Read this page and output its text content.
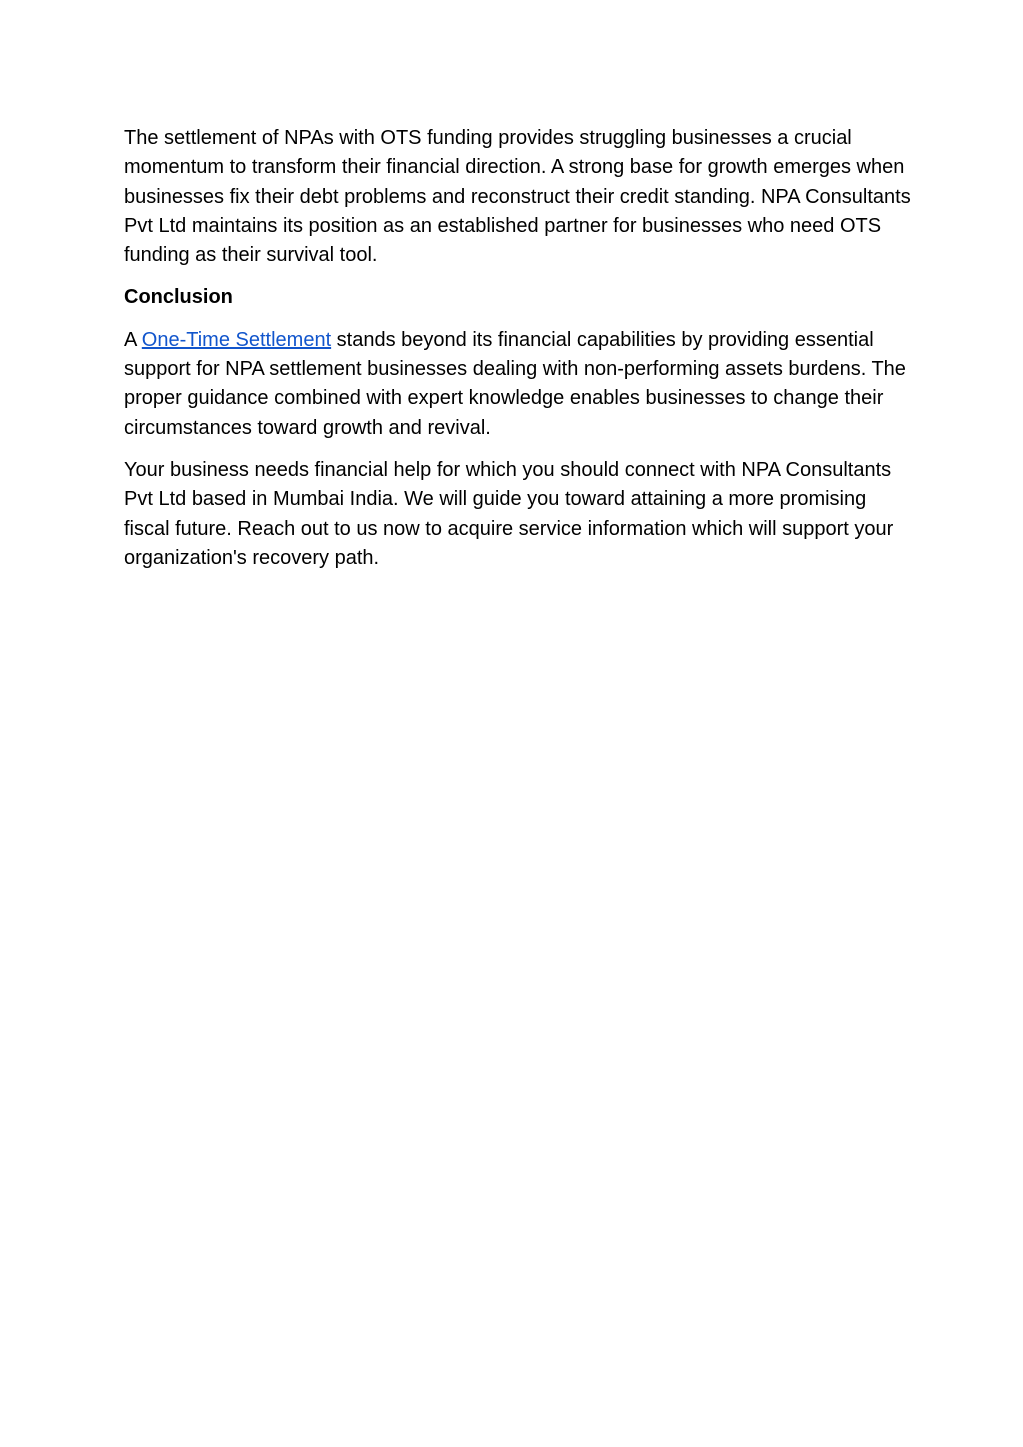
The settlement of NPAs with OTS funding provides struggling businesses a crucial momentum to transform their financial direction. A strong base for growth emerges when businesses fix their debt problems and reconstruct their credit standing. NPA Consultants Pvt Ltd maintains its position as an established partner for businesses who need OTS funding as their survival tool.

Conclusion

A One-Time Settlement stands beyond its financial capabilities by providing essential support for NPA settlement businesses dealing with non-performing assets burdens. The proper guidance combined with expert knowledge enables businesses to change their circumstances toward growth and revival.

Your business needs financial help for which you should connect with NPA Consultants Pvt Ltd based in Mumbai India. We will guide you toward attaining a more promising fiscal future. Reach out to us now to acquire service information which will support your organization's recovery path.
